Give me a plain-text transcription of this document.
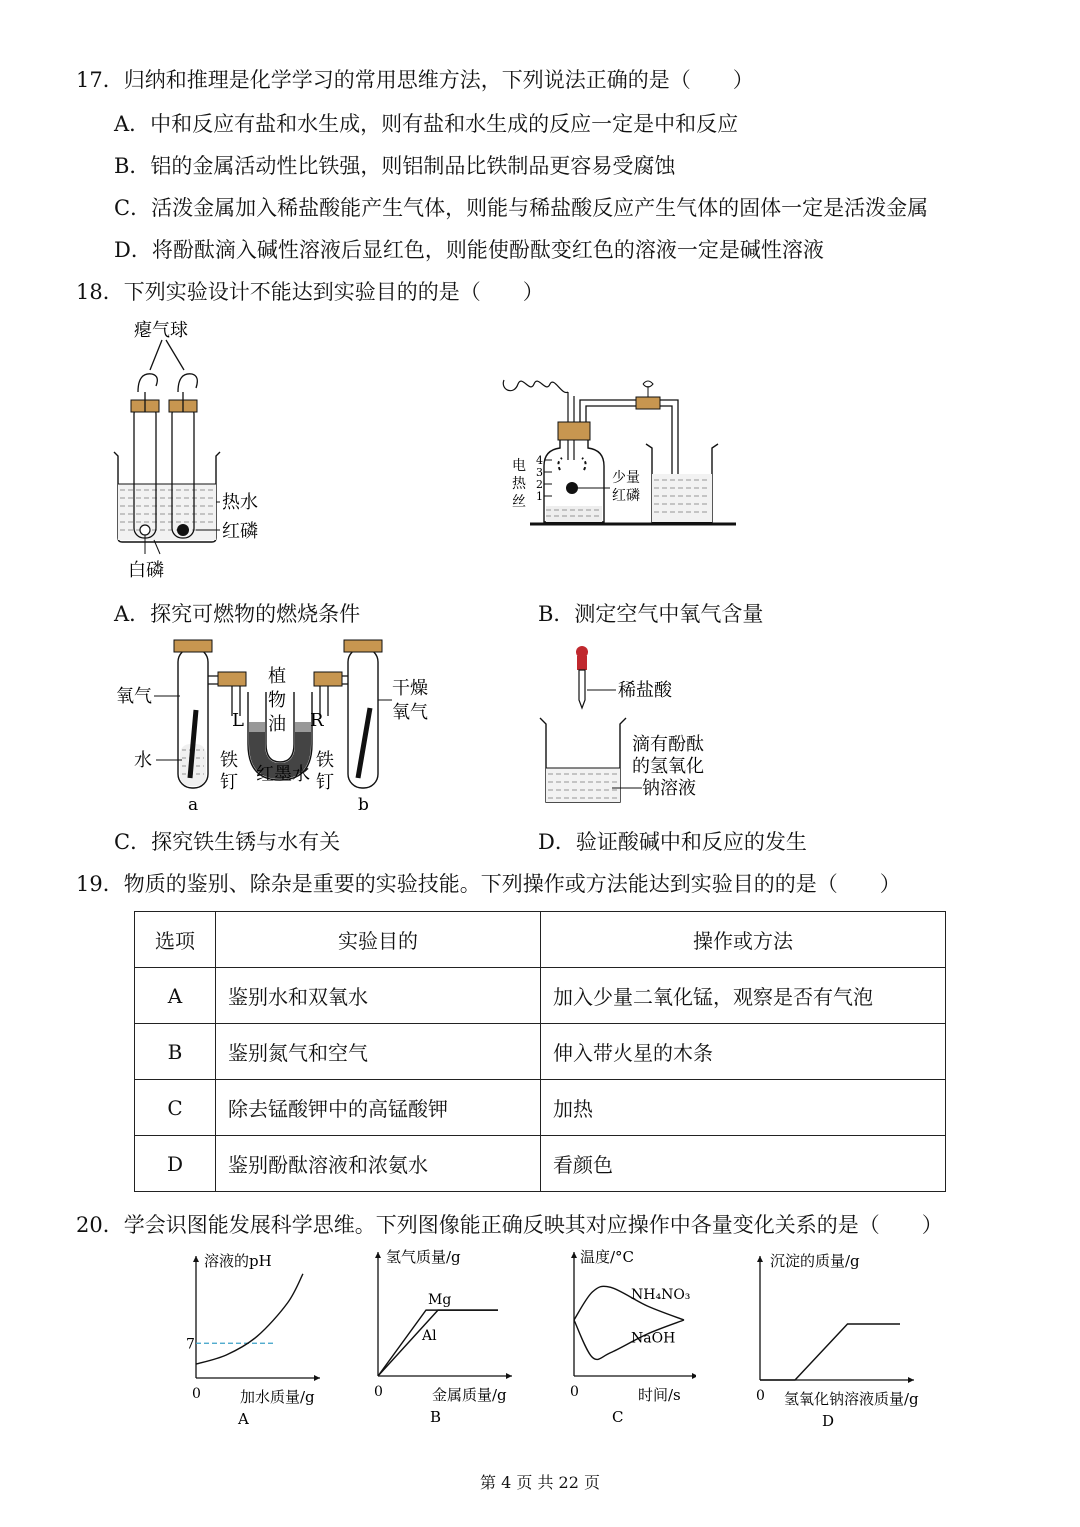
17．归纳和推理是化学学习的常用思维方法，下列说法正确的是（　　）
A．中和反应有盐和水生成，则有盐和水生成的反应一定是中和反应
B．铝的金属活动性比铁强，则铝制品比铁制品更容易受腐蚀
C．活泼金属加入稀盐酸能产生气体，则能与稀盐酸反应产生气体的固体一定是活泼金属
D．将酚酞滴入碱性溶液后显红色，则能使酚酞变红色的溶液一定是碱性溶液
18．下列实验设计不能达到实验目的的是（　　）
瘪气球
热水
红磷
白磷
A．探究可燃物的燃烧条件
4
3
2
1
电
热
丝
少量
红磷
B．测定空气中氧气含量
氧气
水	铁
钉
植
物
油
L	R
红墨水
铁
钉
干燥
氧气
a	b
C．探究铁生锈与水有关
稀盐酸
滴有酚酞
的氢氧化
钠溶液
D．验证酸碱中和反应的发生
19．物质的鉴别、除杂是重要的实验技能。下列操作或方法能达到实验目的的是（　　）
选项	实验目的	操作或方法
A	鉴别水和双氧水	加入少量二氧化锰，观察是否有气泡
B	鉴别氮气和空气	伸入带火星的木条
C	除去锰酸钾中的高锰酸钾	加热
D	鉴别酚酞溶液和浓氨水	看颜色
20．学会识图能发展科学思维。下列图像能正确反映其对应操作中各量变化关系的是（　　）
溶液的pH
加水质量/g
0
A
7
氢气质量/g
金属质量/g
0
B
Mg
Al
温度/°C
时间/s
0
C
NH₄NO₃
NaOH
沉淀的质量/g
氢氧化钠溶液质量/g
0
D
第 4 页 共 22 页
